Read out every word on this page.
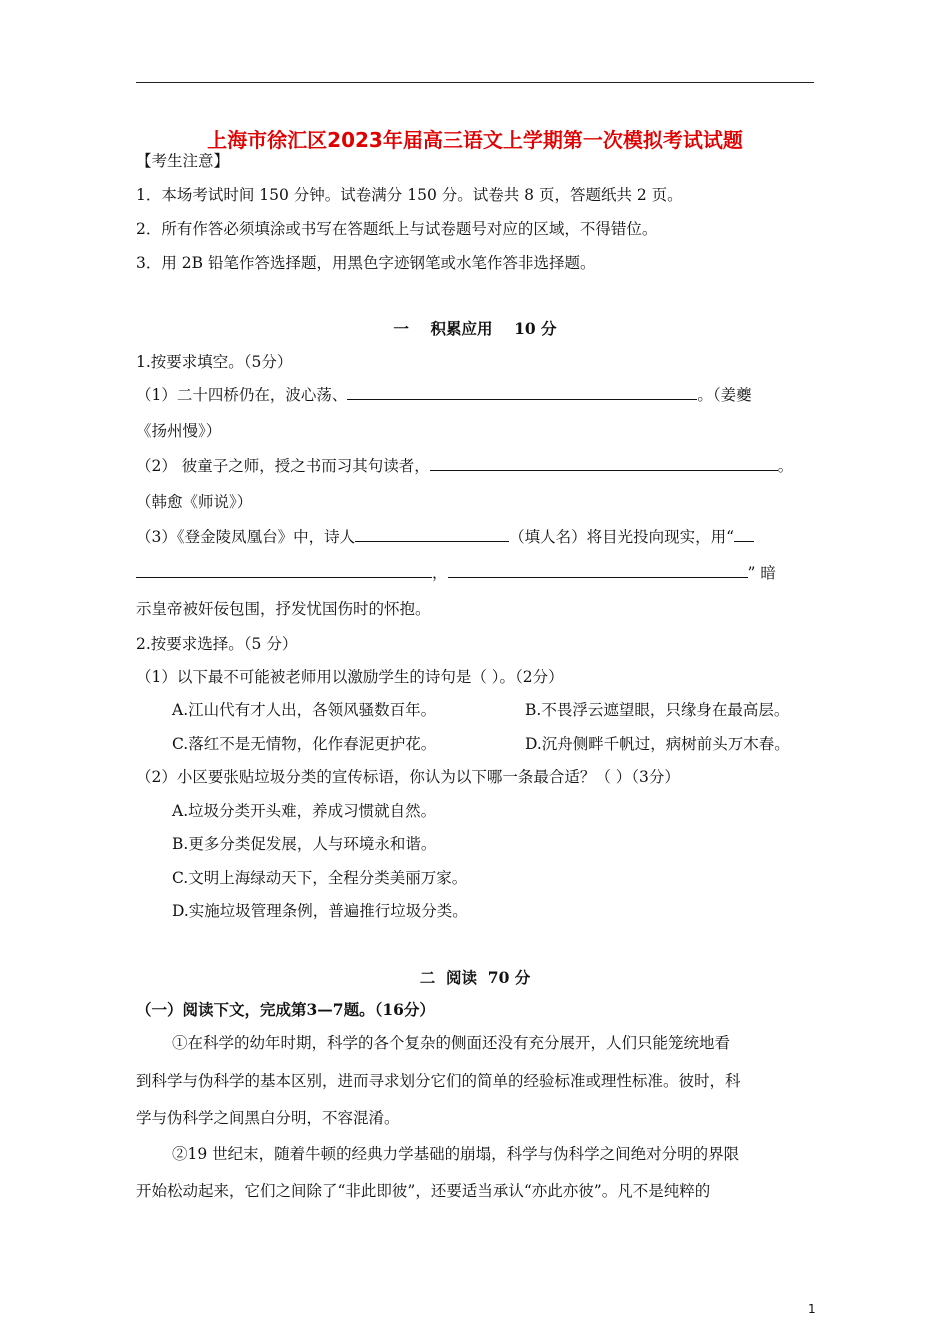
上海市徐汇区2023年届高三语文上学期第一次模拟考试试题
【考生注意】
1．本场考试时间 150 分钟。试卷满分 150 分。试卷共 8 页，答题纸共 2 页。
2．所有作答必须填涂或书写在答题纸上与试卷题号对应的区域，不得错位。
3．用 2B 铅笔作答选择题，用黑色字迹钢笔或水笔作答非选择题。
一    积累应用    10 分
1.按要求填空。（5分）
（1）二十四桥仍在，波心荡、	。（姜夔
《扬州慢》）
（2） 彼童子之师，授之书而习其句读者，	。
（韩愈《师说》）
（3）《登金陵凤凰台》中，诗人	（填人名）将目光投向现实，用“
，	” 暗
示皇帝被奸佞包围，抒发忧国伤时的怀抱。
2.按要求选择。（5 分）
（1）以下最不可能被老师用以激励学生的诗句是（ ）。（2分）
A.江山代有才人出，各领风骚数百年。	B.不畏浮云遮望眼，只缘身在最高层。
C.落红不是无情物，化作春泥更护花。	D.沉舟侧畔千帆过，病树前头万木春。
（2）小区要张贴垃圾分类的宣传标语，你认为以下哪一条最合适？（ ）（3分）
A.垃圾分类开头难，养成习惯就自然。
B.更多分类促发展，人与环境永和谐。
C.文明上海绿动天下，全程分类美丽万家。
D.实施垃圾管理条例，普遍推行垃圾分类。
二  阅读  70 分
（一）阅读下文，完成第3—7题。（16分）
①在科学的幼年时期，科学的各个复杂的侧面还没有充分展开，人们只能笼统地看
到科学与伪科学的基本区别，进而寻求划分它们的简单的经验标准或理性标准。彼时，科
学与伪科学之间黑白分明，不容混淆。
②19 世纪末，随着牛顿的经典力学基础的崩塌，科学与伪科学之间绝对分明的界限
开始松动起来，它们之间除了“非此即彼”，还要适当承认“亦此亦彼”。凡不是纯粹的
1
